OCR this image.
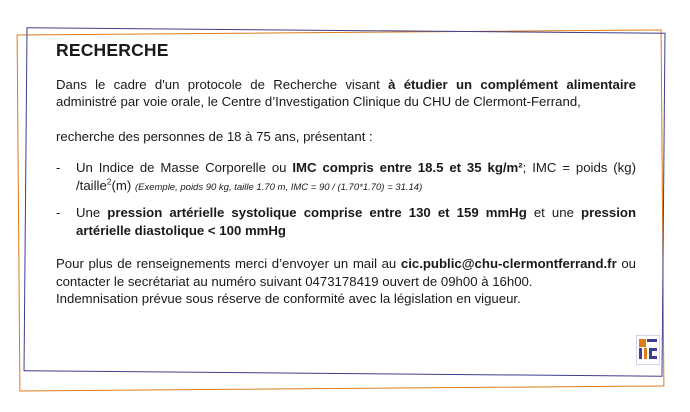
RECHERCHE

Dans le cadre d'un protocole de Recherche visant à étudier un complément alimentaire administré par voie orale, le Centre d’Investigation Clinique du CHU de Clermont-Ferrand,

recherche des personnes de 18 à 75 ans, présentant :

- Un Indice de Masse Corporelle ou IMC compris entre 18.5 et 35 kg/m²; IMC = poids (kg) /taille$^2$(m) (Exemple, poids 90 kg, taille 1.70 m, IMC = 90 / (1.70*1.70) = 31.14)
- Une pression artérielle systolique comprise entre 130 et 159 mmHg et une pression artérielle diastolique < 100 mmHg

Pour plus de renseignements merci d’envoyer un mail au cic.public@chu-clermontferrand.fr ou contacter le secrétariat au numéro suivant 0473178419 ouvert de 09h00 à 16h00.

Indemnisation prévue sous réserve de conformité avec la législation en vigueur.
